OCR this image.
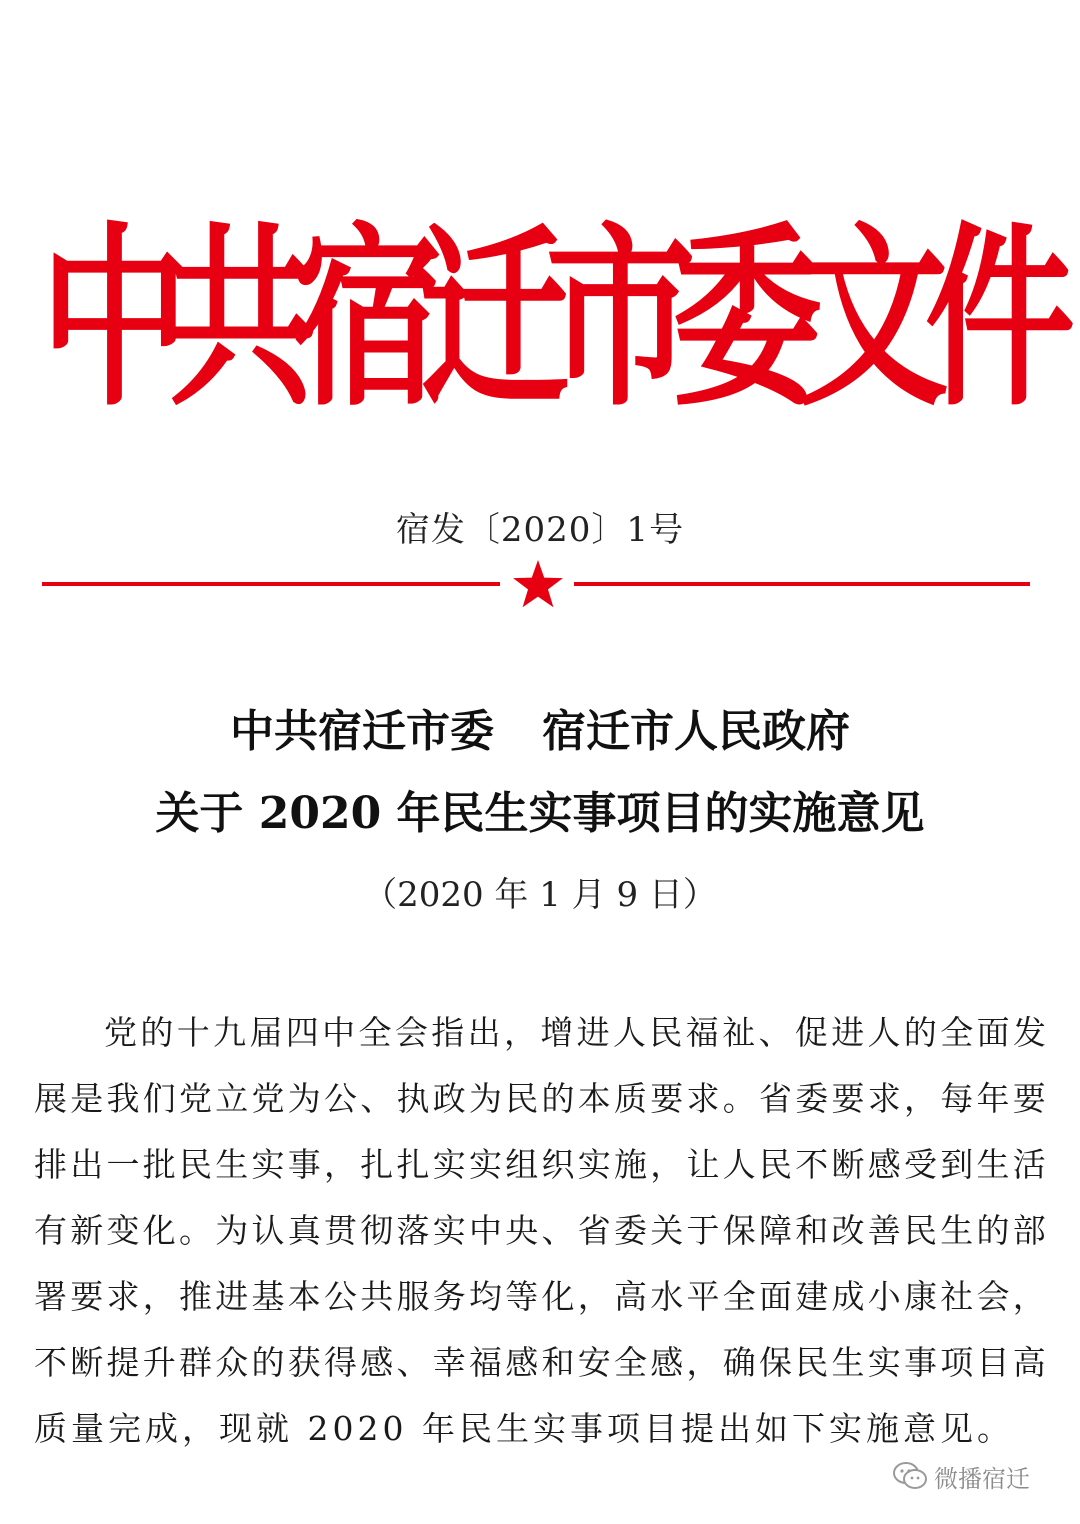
中
共
宿
迁
市
委
文
件
宿发〔2020〕1号
中共宿迁市委 宿迁市人民政府
关于 2020 年民生实事项目的实施意见
（2020 年 1 月 9 日）
党 的 十 九 届 四 中 全 会 指 出 ， 增 进 人 民 福 祉 、 促 进 人 的 全 面 发
展 是 我 们 党 立 党 为 公 、 执 政 为 民 的 本 质 要 求 。 省 委 要 求 ， 每 年 要
排 出 一 批 民 生 实 事 ， 扎 扎 实 实 组 织 实 施 ， 让 人 民 不 断 感 受 到 生 活
有 新 变 化 。 为 认 真 贯 彻 落 实 中 央 、 省 委 关 于 保 障 和 改 善 民 生 的 部
署 要 求 ， 推 进 基 本 公 共 服 务 均 等 化 ， 高 水 平 全 面 建 成 小 康 社 会 ，
不 断 提 升 群 众 的 获 得 感 、 幸 福 感 和 安 全 感 ， 确 保 民 生 实 事 项 目 高
质量完成，现就 2020 年民生实事项目提出如下实施意见。
微播宿迁
